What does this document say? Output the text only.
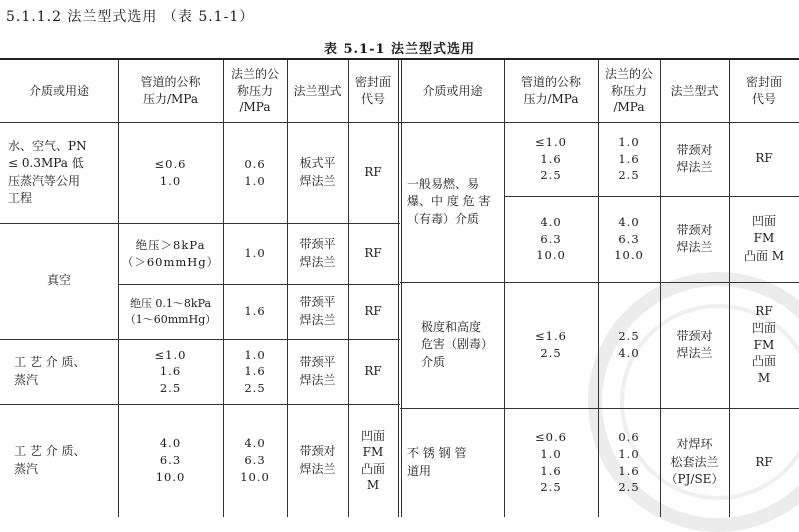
5.1.1.2 法兰型式选用 （表 5.1-1）
表 5.1-1 法兰型式选用
介质或用途
管道的公称
压力/MPa
法兰的公
称压力
/MPa
法兰型式
密封面
代号
介质或用途
管道的公称
压力/MPa
法兰的公
称压力
/MPa
法兰型式
密封面
代号
水、空气、PN
≤ 0.3MPa 低
压蒸汽等公用
工程
≤0.6
1.0
0.6
1.0
板式平
焊法兰
RF
真空
绝压＞8kPa
（＞60mmHg）
1.0
带颈平
焊法兰
RF
绝压 0.1～8kPa
（1～60mmHg）
1.6
带颈平
焊法兰
RF
工 艺 介 质、
蒸汽
≤1.0
1.6
2.5
1.0
1.6
2.5
带颈平
焊法兰
RF
工 艺 介 质、
蒸汽
4.0
6.3
10.0
4.0
6.3
10.0
带颈对
焊法兰
凹面
FM
凸面
M
一般易燃、易
爆、中 度 危 害
（有毒）介质
≤1.0
1.6
2.5
1.0
1.6
2.5
带颈对
焊法兰
RF
4.0
6.3
10.0
4.0
6.3
10.0
带颈对
焊法兰
凹面
FM
凸面 M
极度和高度
危害（剧毒）
介质
≤1.6
2.5
2.5
4.0
带颈对
焊法兰
RF
凹面
FM
凸面
M
不 锈 钢 管
道用
≤0.6
1.0
1.6
2.5
0.6
1.0
1.6
2.5
对焊环
松套法兰
（PJ/SE）
RF
